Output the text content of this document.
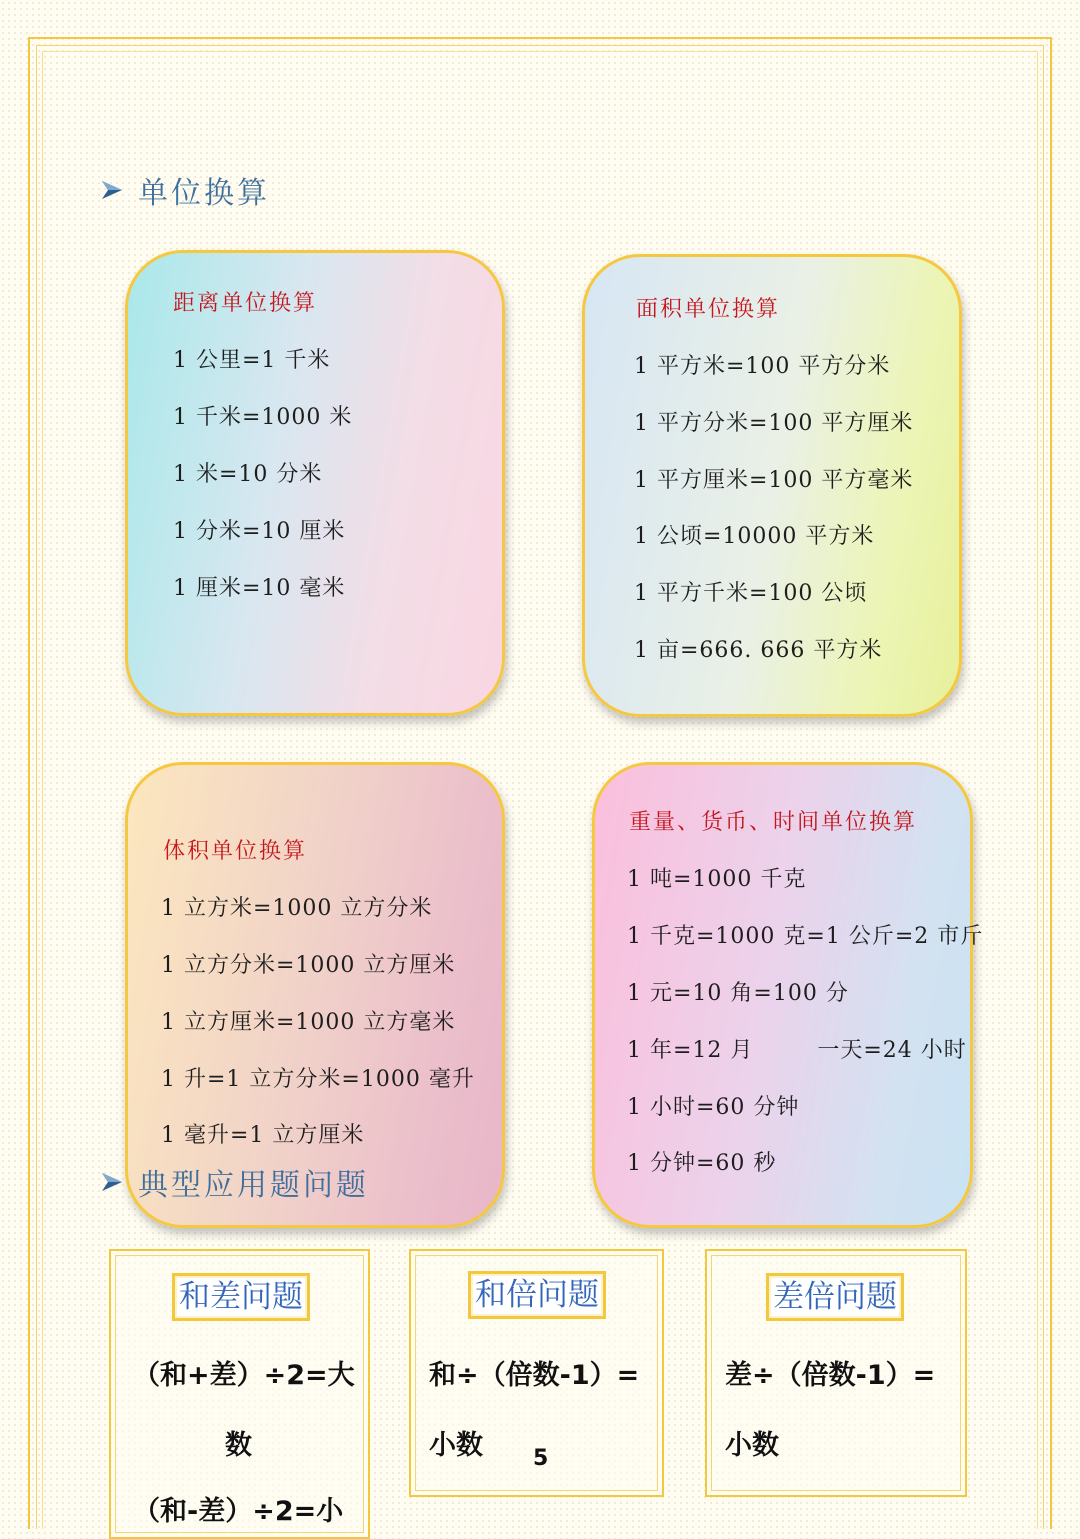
单位换算
距离单位换算
1 公里=1 千米
1 千米=1000 米
1 米=10 分米
1 分米=10 厘米
1 厘米=10 毫米
面积单位换算
1 平方米=100 平方分米
1 平方分米=100 平方厘米
1 平方厘米=100 平方毫米
1 公顷=10000 平方米
1 平方千米=100 公顷
1 亩=666. 666 平方米
体积单位换算
1 立方米=1000 立方分米
1 立方分米=1000 立方厘米
1 立方厘米=1000 立方毫米
1 升=1 立方分米=1000 毫升
1 毫升=1 立方厘米
重量、货币、时间单位换算
1 吨=1000 千克
1 千克=1000 克=1 公斤=2 市斤
1 元=10 角=100 分
1 年=12 月        一天=24 小时
1 小时=60 分钟
1 分钟=60 秒
典型应用题问题
和差问题
（和+差）÷2=大
数
（和-差）÷2=小
和倍问题
和÷（倍数-1）=
小数
差倍问题
差÷（倍数-1）=
小数
5
